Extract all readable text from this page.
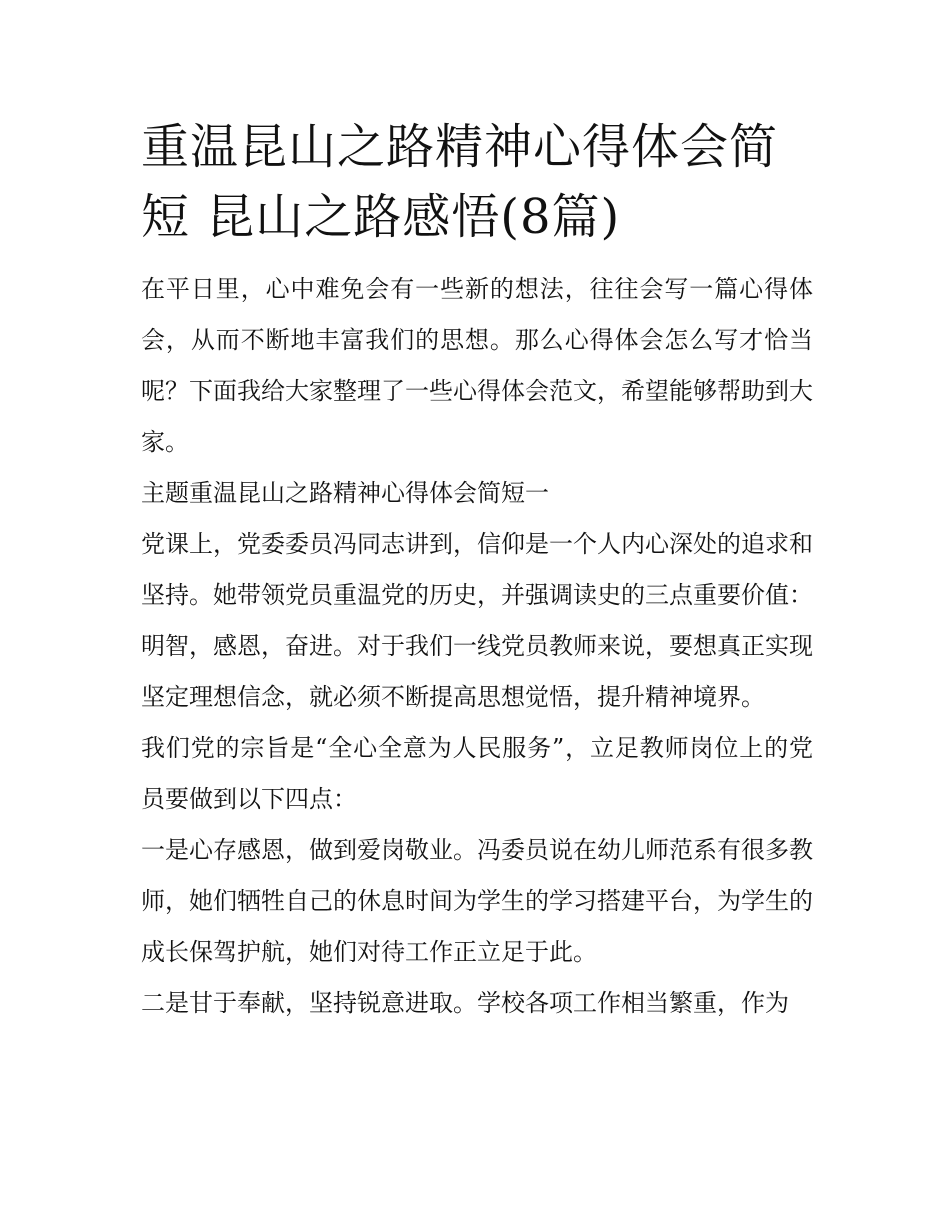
重温昆山之路精神心得体会简短 昆山之路感悟(8篇)

在平日里，心中难免会有一些新的想法，往往会写一篇心得体会，从而不断地丰富我们的思想。那么心得体会怎么写才恰当呢？下面我给大家整理了一些心得体会范文，希望能够帮助到大家。

主题重温昆山之路精神心得体会简短一

党课上，党委委员冯同志讲到，信仰是一个人内心深处的追求和坚持。她带领党员重温党的历史，并强调读史的三点重要价值：明智，感恩，奋进。对于我们一线党员教师来说，要想真正实现坚定理想信念，就必须不断提高思想觉悟，提升精神境界。

我们党的宗旨是“全心全意为人民服务”，立足教师岗位上的党员要做到以下四点：

一是心存感恩，做到爱岗敬业。冯委员说在幼儿师范系有很多教师，她们牺牲自己的休息时间为学生的学习搭建平台，为学生的成长保驾护航，她们对待工作正立足于此。

二是甘于奉献，坚持锐意进取。学校各项工作相当繁重，作为
